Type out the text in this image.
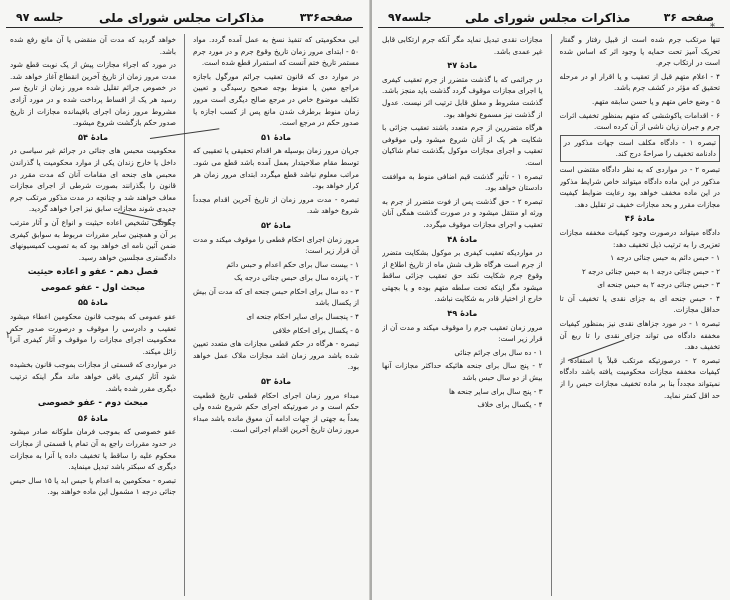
صفحه۳۳۶
مذاکرات مجلس شورای ملی
جلسه ۹۷

ابی محکومیتی که تنفیذ نسخ به عمل آمده گردد. مواد ۵۰ - ابتدای مرور زمان تاریخ وقوع جرم و در مورد جرم مستمر تاریخ ختم آنست که استمرار قطع شده است.

در موارد دی که قانون تعقیب جرائم مورگول باجازه مراجع معین یا منوط بوجه صحیح رسیدگی و تعیین تکلیف موضوع خاص در مرجع صالح دیگری است مرور زمان منوط برطرف شدن مانع پس از کسب اجازه یا صدور حکم در مرجع است.

مادهٔ ۵۱

جریان مرور زمان بوسیله هر اقدام تحقیقی یا تعقیبی که توسط مقام صلاحیتدار بعمل آمده باشد قطع می شود. مراتب معلوم نباشد قطع میگردد ابتدای مرور زمان هر کرار خواهد بود.

تبصره - مدت مرور زمان از تاریخ آخرین اقدام مجدداً شروع خواهد شد.

مادهٔ ۵۲

مرور زمان اجرای احکام قطعی را موقوف میکند و مدت آن قرار زیر است:

۱ - بیست سال برای حکم اعدام و حبس دائم

۲ - پانزده سال برای حبس جنائی درجه یک

۳ - ده سال برای احکام حبس جنحه ای که مدت آن بیش از یکسال باشد

۴ - پنجسال برای سایر احکام جنحه ای

۵ - یکسال برای احکام خلافی

تبصره - هرگاه در حکم قطعی مجازات های متعدد تعیین شده باشد مرور زمان اشد مجازات ملاک عمل خواهد بود.

مادهٔ ۵۳

مبداء مرور زمان اجرای احکام قطعی تاریخ قطعیت حکم است و در صورتیکه اجرای حکم شروع شده ولی بعداً به جهتی از جهات ادامه آن معوق مانده باشد مبداء مرور زمان تاریخ آخرین اقدام اجرائی است.

خواهد گردید که مدت آن منقضی یا آن مانع رفع شده باشد.

در مورد که اجراء مجازات پیش از یک نوبت قطع شود مدت مرور زمان از تاریخ آخرین انقطاع آغاز خواهد شد. در خصوص جرائم تقلیل شده مرور زمان از تاریخ سر رسید هر یک از اقساط پرداخت شده و در مورد آزادی مشروط مرور زمان اجرای باقیمانده مجازات از تاریخ صدور حکم بازگشت شروع میشود.

مادهٔ ۵۴

محکومیت محبس های جنائی در جرائم غیر سیاسی در داخل یا خارج زندان یکی از موارد محکومیت یا گذراندن محبس های جنحه ای مقامات آنان که مدت مقرر در قانون را بگذرانند بصورت شرطی از اجرای مجازات معاف خواهند شد و چنانچه در مدت مذکور مرتکب جرم جدیدی شوند مجازات سابق نیز اجرا خواهد گردید.

چگونگی تشخیص اعاده حیثیت و انواع آن و آثار مترتب بر آن و همچنین سایر مقررات مربوط به سوابق کیفری ضمن آئین نامه ای خواهد بود که به تصویب کمیسیونهای دادگستری مجلسین خواهد رسید.

فصل دهم - عفو و اعاده حیثیت
مبحث اول - عفو عمومی
مادهٔ ۵۵

عفو عمومی که بموجب قانون محکومین اعطاء میشود تعقیب و دادرسی را موقوف و درصورت صدور حکم محکومیت اجرای مجازات را موقوف و آثار کیفری آنرا زائل میکند.

در مواردی که قسمتی از مجازات بموجب قانون بخشیده شود آثار کیفری باقی خواهد ماند مگر اینکه ترتیب دیگری مقرر شده باشد.

مبحث دوم - عفو خصوصی
مادهٔ ۵۶

عفو خصوصی که بموجب فرمان ملوکانه صادر میشود در حدود مقررات راجع به آن تمام یا قسمتی از مجازات محکوم علیه را ساقط یا تخفیف داده یا آنرا به مجازات دیگری که سبکتر باشد تبدیل مینماید.

تبصره - محکومین به اعدام یا حبس ابد یا ۱۵ سال حبس جنائی درجه ۱ مشمول این ماده خواهند بود.

٢
صفحه ۳۶
مذاکرات مجلس شورای ملی
جلسه۹۷

تنها مرتکب جرم شده است از قبیل رفتار و گفتار تحریک آمیز تحت حمایه یا وجود اثر که اساس شده است در ارتکاب جرم.

۴ - اعلام متهم قبل از تعقیب و یا اقرار او در مرحله تحقیق که مؤثر در کشف جرم باشد.

۵ - وضع خاص متهم و یا حسن سابقه متهم.

۶ - اقدامات یاکوششی که متهم بمنظور تخفیف اثرات جرم و جبران زیان ناشی از آن کرده است.

تبصره ۱ - دادگاه مکلف است جهات مذکور در دادنامه تخفیف را صراحةً درج کند.

تبصره ۲ - در مواردی که به نظر دادگاه مقتضی است مذکور در این ماده دادگاه میتواند خاص شرایط مذکور در این ماده مخفف خواهد بود رعایت ضوابط کیفیت مجازات مقرر و بحد مجازات خفیف تر تقلیل دهد.

مادهٔ ۴۶

دادگاه میتواند درصورت وجود کیفیات مخففه مجازات تعزیری را به ترتیب ذیل تخفیف دهد:

۱ - حبس دائم به حبس جنائی درجه ۱

۲ - حبس جنائی درجه ۱ به حبس جنائی درجه ۲

۳ - حبس جنائی درجه ۲ به حبس جنحه ای

۴ - حبس جنحه ای به جزای نقدی یا تخفیف آن تا حداقل مجازات.

تبصره ۱ - در مورد جزاهای نقدی نیز بمنظور کیفیات مخففه دادگاه می تواند جزای نقدی را تا ربع آن تخفیف دهد.

تبصره ۲ - درصورتیکه مرتکب قبلاً یا استفاده از کیفیات مخففه مجازات محکومیت یافته باشد دادگاه نمیتواند مجدداً بنا بر ماده تخفیف مجازات حبس را از حد اقل کمتر نماید.

مجازات نقدی تبدیل نماید مگر آنکه جرم ارتکابی قابل غیر عمدی باشد.

مادهٔ ۴۷

در جرائمی که با گذشت متضرر از جرم تعقیب کیفری یا اجرای مجازات موقوف گردد گذشت باید منجز باشد. گذشت مشروط و معلق قابل ترتیب اثر نیست. عدول از گذشت نیز مسموع نخواهد بود.

هرگاه متضررین از جرم متعدد باشند تعقیب جزائی با شکایت هر یک از آنان شروع میشود ولی موقوفی تعقیب و اجرای مجازات موکول بگذشت تمام شاکیان است.

تبصره ۱ - تأثیر گذشت قیم اضافی منوط به موافقت دادستان خواهد بود.

تبصره ۲ - حق گذشت پس از فوت متضرر از جرم به ورثه او منتقل میشود و در صورت گذشت همگی آنان تعقیب و اجرای مجازات موقوف میگردد.

مادهٔ ۴۸

در مواردیکه تعقیب کیفری بر موکول بشکایت متضرر از جرم است هرگاه ظرف شش ماه از تاریخ اطلاع از وقوع جرم شکایت نکند حق تعقیب جزائی ساقط میشود مگر اینکه تحت سلطه متهم بوده و یا بجهتی خارج از اختیار قادر به شکایت نباشد.

مادهٔ ۴۹

مرور زمان تعقیب جرم را موقوف میکند و مدت آن از قرار زیر است:

۱ - ده سال برای جرائم جنائی

۲ - پنج سال برای جنحه هائیکه حداکثر مجازات آنها بیش از دو سال حبس باشد

۳ - پنج سال برای سایر جنحه ها

۴ - یکسال برای خلاف

*
